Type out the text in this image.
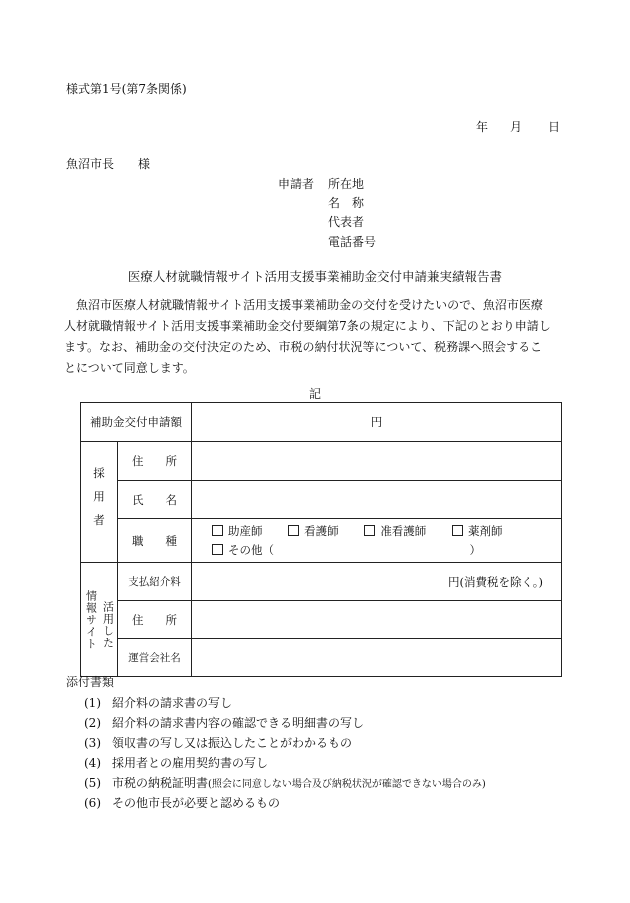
様式第1号(第7条関係)
年 月 日
魚沼市長　　様
申請者 所在地
名　称
代表者
電話番号
医療人材就職情報サイト活用支援事業補助金交付申請兼実績報告書

魚沼市医療人材就職情報サイト活用支援事業補助金の交付を受けたいので、魚沼市医療

人材就職情報サイト活用支援事業補助金交付要綱第7条の規定により、下記のとおり申請し

ます。なお、補助金の交付決定のため、市税の納付状況等について、税務課へ照会するこ

とについて同意します。

記
補助金交付申請額		円

採用者	住 所	

	氏 名	

	職 種	助産師 看護師 准看護師 薬剤師
その他（　　　　　　　　　　　　　　　　　）

活用した
情報サイト	支払紹介料	円(消費税を除く。)

	住 所	

	運営会社名	
添付書類
(1) 紹介料の請求書の写し
(2) 紹介料の請求書内容の確認できる明細書の写し
(3) 領収書の写し又は振込したことがわかるもの
(4) 採用者との雇用契約書の写し
(5) 市税の納税証明書(照会に同意しない場合及び納税状況が確認できない場合のみ)
(6) その他市長が必要と認めるもの
